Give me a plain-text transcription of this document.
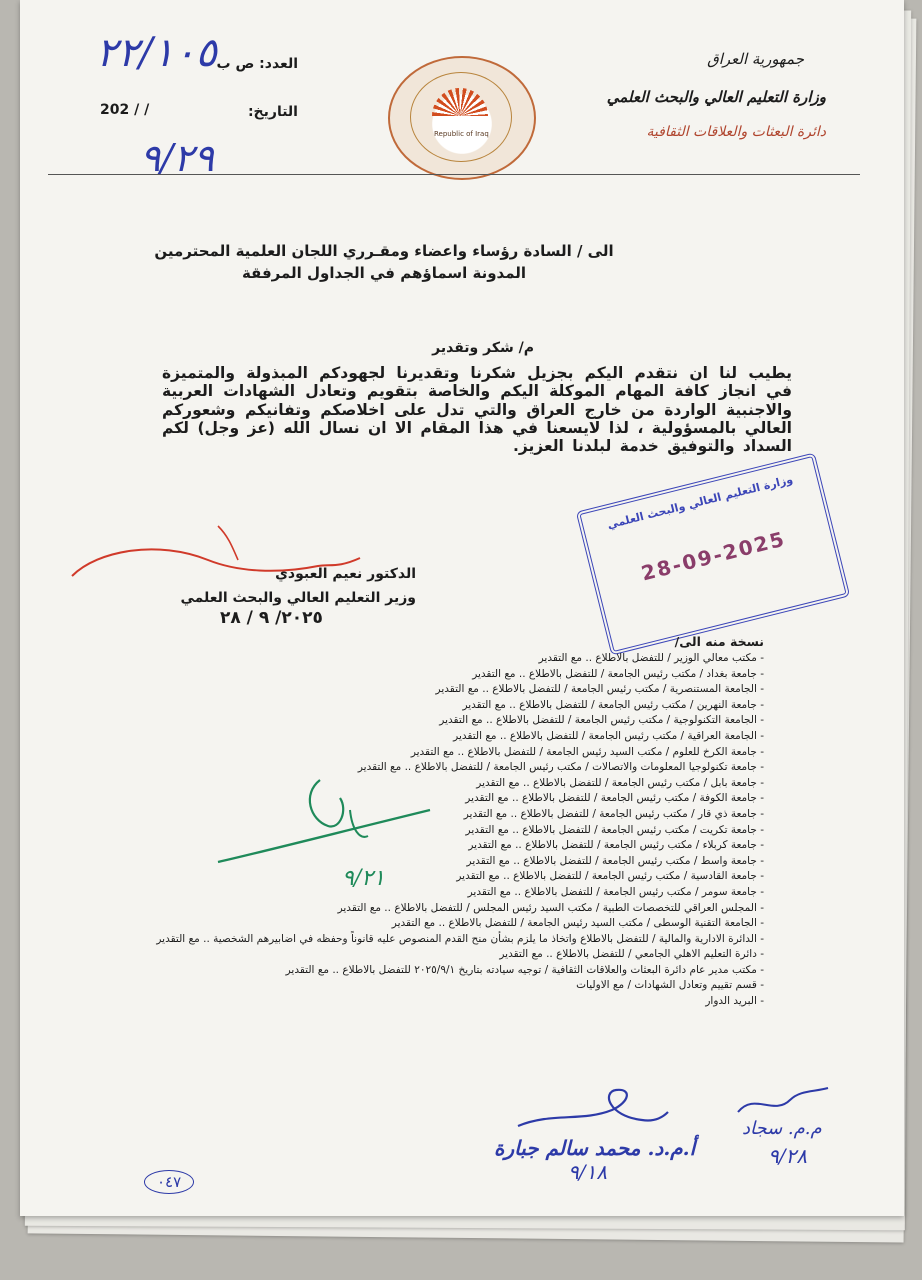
جمهورية العراق
وزارة التعليم العالي والبحث العلمي
دائرة البعثات والعلاقات الثقافية
Republic of Iraq
العدد: ص ب
٢٢/١٠٥
التاريخ:
202 / /
٩/٢٩
الى / السادة رؤساء واعضاء ومقـرري اللجان العلمية المحترمين
المدونة اسماؤهم في الجداول المرفقة
م/ شكر وتقدير
يطيب لنا ان نتقدم اليكم بجزيل شكرنا وتقديرنا لجهودكم المبذولة والمتميزة في انجاز كافة المهام الموكلة اليكم والخاصة بتقويم وتعادل الشهادات العربية والاجنبية الواردة من خارج العراق والتي تدل على اخلاصكم وتفانيكم وشعوركم العالي بالمسؤولية ، لذا لايسعنا في هذا المقام الا ان نسال الله (عز وجل) لكم السداد والتوفيق خدمة لبلدنا العزيز.
الدكتور نعيم العبودي
وزير التعليم العالي والبحث العلمي
٢٠٢٥/ ٩ / ٢٨
وزارة التعليم العالي والبحث العلمي
28-09-2025
نسخة منه الى/
- مكتب معالي الوزير / للتفضل بالاطلاع .. مع التقدير
- جامعة بغداد / مكتب رئيس الجامعة / للتفضل بالاطلاع .. مع التقدير
- الجامعة المستنصرية / مكتب رئيس الجامعة / للتفضل بالاطلاع .. مع التقدير
- جامعة النهرين / مكتب رئيس الجامعة / للتفضل بالاطلاع .. مع التقدير
- الجامعة التكنولوجية / مكتب رئيس الجامعة / للتفضل بالاطلاع .. مع التقدير
- الجامعة العراقية / مكتب رئيس الجامعة / للتفضل بالاطلاع .. مع التقدير
- جامعة الكرخ للعلوم / مكتب السيد رئيس الجامعة / للتفضل بالاطلاع .. مع التقدير
- جامعة تكنولوجيا المعلومات والاتصالات / مكتب رئيس الجامعة / للتفضل بالاطلاع .. مع التقدير
- جامعة بابل / مكتب رئيس الجامعة / للتفضل بالاطلاع .. مع التقدير
- جامعة الكوفة / مكتب رئيس الجامعة / للتفضل بالاطلاع .. مع التقدير
- جامعة ذي قار / مكتب رئيس الجامعة / للتفضل بالاطلاع .. مع التقدير
- جامعة تكريت / مكتب رئيس الجامعة / للتفضل بالاطلاع .. مع التقدير
- جامعة كربلاء / مكتب رئيس الجامعة / للتفضل بالاطلاع .. مع التقدير
- جامعة واسط / مكتب رئيس الجامعة / للتفضل بالاطلاع .. مع التقدير
- جامعة القادسية / مكتب رئيس الجامعة / للتفضل بالاطلاع .. مع التقدير
- جامعة سومر / مكتب رئيس الجامعة / للتفضل بالاطلاع .. مع التقدير
- المجلس العراقي للتخصصات الطبية / مكتب السيد رئيس المجلس / للتفضل بالاطلاع .. مع التقدير
- الجامعة التقنية الوسطى / مكتب السيد رئيس الجامعة / للتفضل بالاطلاع .. مع التقدير
- الدائرة الادارية والمالية / للتفضل بالاطلاع واتخاذ ما يلزم بشأن منح القدم المنصوص عليه قانوناً وحفظه في اضابيرهم الشخصية .. مع التقدير
- دائرة التعليم الاهلي الجامعي / للتفضل بالاطلاع .. مع التقدير
- مكتب مدير عام دائرة البعثات والعلاقات الثقافية / توجيه سيادته بتاريخ ٢٠٢٥/٩/١ للتفضل بالاطلاع .. مع التقدير
- قسم تقييم وتعادل الشهادات / مع الاوليات
- البريد الدوار
٩/٢١
أ.م.د. محمد سالم جبارة
٩/١٨
م.م. سجاد
٩/٢٨
٠٤٧
